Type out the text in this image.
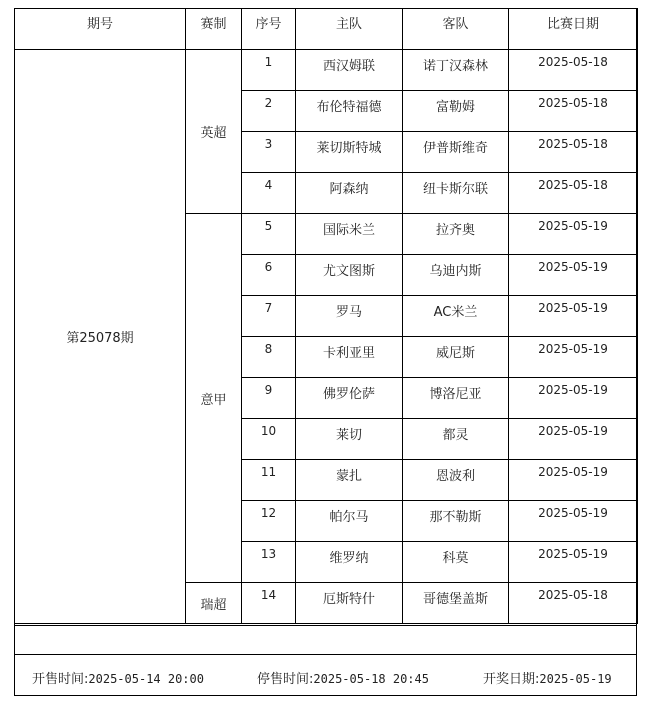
期号	赛制	序号	主队	客队	比赛日期
第25078期	英超	1	西汉姆联	诺丁汉森林	2025-05-18
		2	布伦特福德	富勒姆	2025-05-18
		3	莱切斯特城	伊普斯维奇	2025-05-18
		4	阿森纳	纽卡斯尔联	2025-05-18
	意甲	5	国际米兰	拉齐奥	2025-05-19
		6	尤文图斯	乌迪内斯	2025-05-19
		7	罗马	AC米兰	2025-05-19
		8	卡利亚里	威尼斯	2025-05-19
		9	佛罗伦萨	博洛尼亚	2025-05-19
		10	莱切	都灵	2025-05-19
		11	蒙扎	恩波利	2025-05-19
		12	帕尔马	那不勒斯	2025-05-19
		13	维罗纳	科莫	2025-05-19
	瑞超	14	厄斯特什	哥德堡盖斯	2025-05-18
开售时间:2025-05-14 20:00	停售时间:2025-05-18 20:45	开奖日期:2025-05-19
